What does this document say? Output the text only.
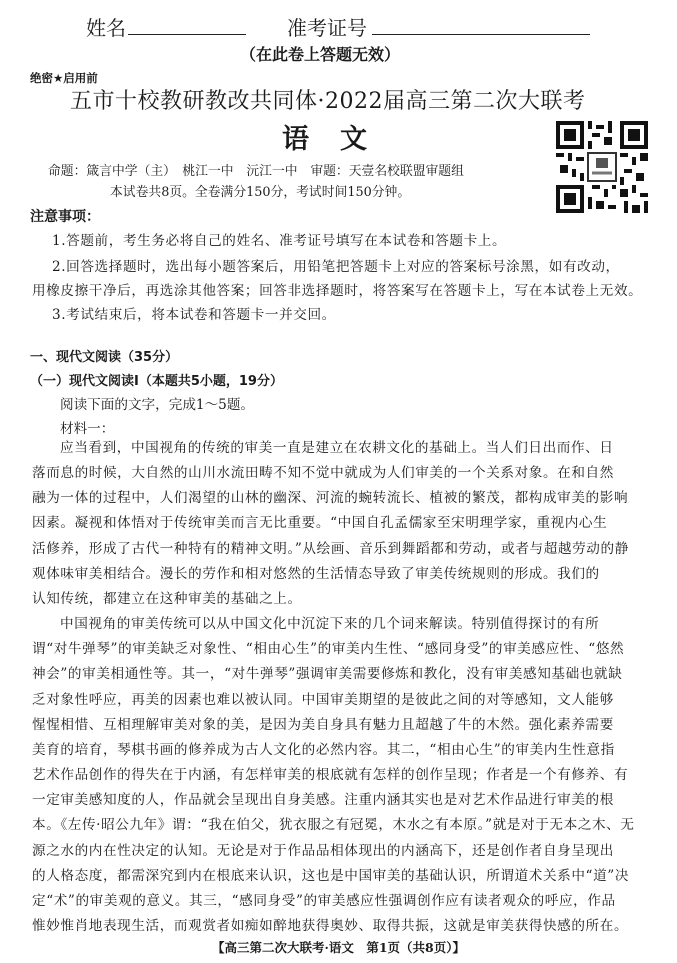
姓名	准考证号
（在此卷上答题无效）
绝密★启用前
五市十校教研教改共同体·2022届高三第二次大联考
语　文
命题：箴言中学（主）　桃江一中　沅江一中　审题：天壹名校联盟审题组
本试卷共8页。全卷满分150分，考试时间150分钟。
注意事项：
1.答题前，考生务必将自己的姓名、准考证号填写在本试卷和答题卡上。
2.回答选择题时，选出每小题答案后，用铅笔把答题卡上对应的答案标号涂黑，如有改动，
用橡皮擦干净后，再选涂其他答案；回答非选择题时，将答案写在答题卡上，写在本试卷上无效。
3.考试结束后，将本试卷和答题卡一并交回。
一、现代文阅读（35分）
（一）现代文阅读Ⅰ（本题共5小题，19分）
阅读下面的文字，完成1～5题。
材料一：
应当看到，中国视角的传统的审美一直是建立在农耕文化的基础上。当人们日出而作、日
落而息的时候，大自然的山川水流田畴不知不觉中就成为人们审美的一个关系对象。在和自然
融为一体的过程中，人们渴望的山林的幽深、河流的蜿转流长、植被的繁茂，都构成审美的影响
因素。凝视和体悟对于传统审美而言无比重要。“中国自孔孟儒家至宋明理学家，重视内心生
活修养，形成了古代一种特有的精神文明。”从绘画、音乐到舞蹈都和劳动，或者与超越劳动的静
观体味审美相结合。漫长的劳作和相对悠然的生活情态导致了审美传统规则的形成。我们的
认知传统，都建立在这种审美的基础之上。
中国视角的审美传统可以从中国文化中沉淀下来的几个词来解读。特别值得探讨的有所
谓“对牛弹琴”的审美缺乏对象性、“相由心生”的审美内生性、“感同身受”的审美感应性、“悠然
神会”的审美相通性等。其一，“对牛弹琴”强调审美需要修炼和教化，没有审美感知基础也就缺
乏对象性呼应，再美的因素也难以被认同。中国审美期望的是彼此之间的对等感知，文人能够
惺惺相惜、互相理解审美对象的美，是因为美自身具有魅力且超越了牛的木然。强化素养需要
美育的培育，琴棋书画的修养成为古人文化的必然内容。其二，“相由心生”的审美内生性意指
艺术作品创作的得失在于内涵，有怎样审美的根底就有怎样的创作呈现；作者是一个有修养、有
一定审美感知度的人，作品就会呈现出自身美感。注重内涵其实也是对艺术作品进行审美的根
本。《左传·昭公九年》谓：“我在伯父，犹衣服之有冠冕，木水之有本原。”就是对于无本之木、无
源之水的内在性决定的认知。无论是对于作品品相体现出的内涵高下，还是创作者自身呈现出
的人格态度，都需深究到内在根底来认识，这也是中国审美的基础认识，所谓道术关系中“道”决
定“术”的审美观的意义。其三，“感同身受”的审美感应性强调创作应有读者观众的呼应，作品
惟妙惟肖地表现生活，而观赏者如痴如醉地获得奥妙、取得共振，这就是审美获得快感的所在。
【高三第二次大联考·语文　第1页（共8页）】
